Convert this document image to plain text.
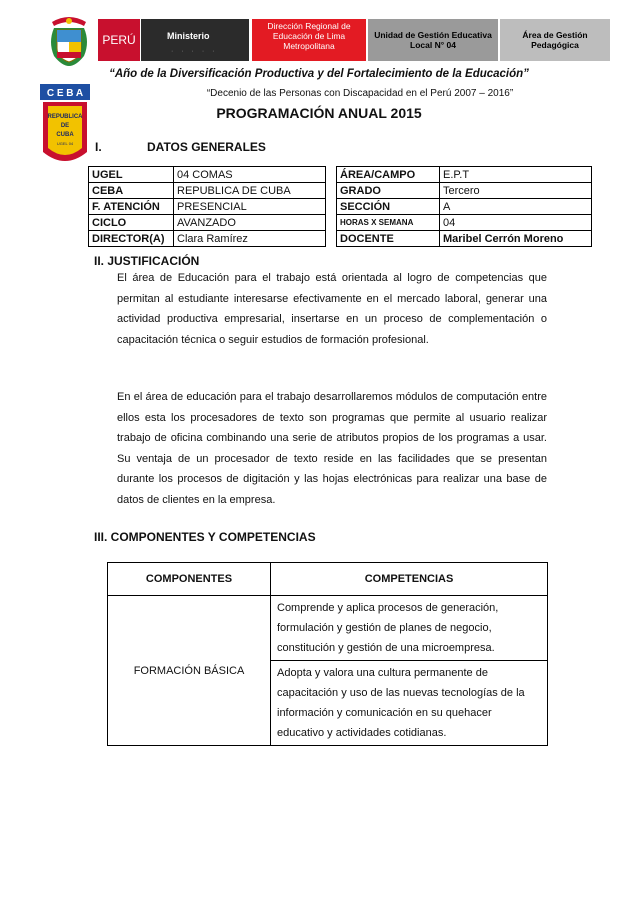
PERÚ	Ministerio
· · · · ·
Dirección Regional de Educación de Lima Metropolitana
Unidad de Gestión Educativa Local N° 04
Área de Gestión Pedagógica
“Año de la Diversificación Productiva y del Fortalecimiento de la Educación”
“Decenio de las Personas con Discapacidad en el Perú 2007 – 2016”
C E B A
REPUBLICA
DE
CUBA
UGEL 04
PROGRAMACIÓN ANUAL 2015
I.	DATOS GENERALES
UGEL	04 COMAS
CEBA	REPUBLICA DE CUBA
F. ATENCIÓN	PRESENCIAL
CICLO	AVANZADO
DIRECTOR(A)	Clara Ramírez
ÁREA/CAMPO	E.P.T
GRADO	Tercero
SECCIÓN	A
HORAS X SEMANA	04
DOCENTE	Maribel Cerrón Moreno
II. JUSTIFICACIÓN
El área de Educación para el trabajo está orientada al logro de competencias que permitan al estudiante interesarse efectivamente en el mercado laboral, generar una actividad productiva empresarial, insertarse en un proceso de complementación o capacitación técnica o seguir estudios de formación profesional.
En el área de educación para el trabajo desarrollaremos módulos de computación entre ellos esta los procesadores de texto son programas que permite al usuario realizar trabajo de oficina combinando una serie de atributos propios de los programas a usar. Su ventaja de un procesador de texto reside en las facilidades que se presentan durante los procesos de digitación y las hojas electrónicas para realizar una base de datos de clientes en la empresa.
III. COMPONENTES Y COMPETENCIAS
COMPONENTES	COMPETENCIAS
FORMACIÓN BÁSICA	Comprende y aplica procesos de generación, formulación y gestión de planes de negocio, constitución y gestión de una microempresa.
	Adopta y valora una cultura permanente de capacitación y uso de las nuevas tecnologías de la información y comunicación en su quehacer educativo y actividades cotidianas.
